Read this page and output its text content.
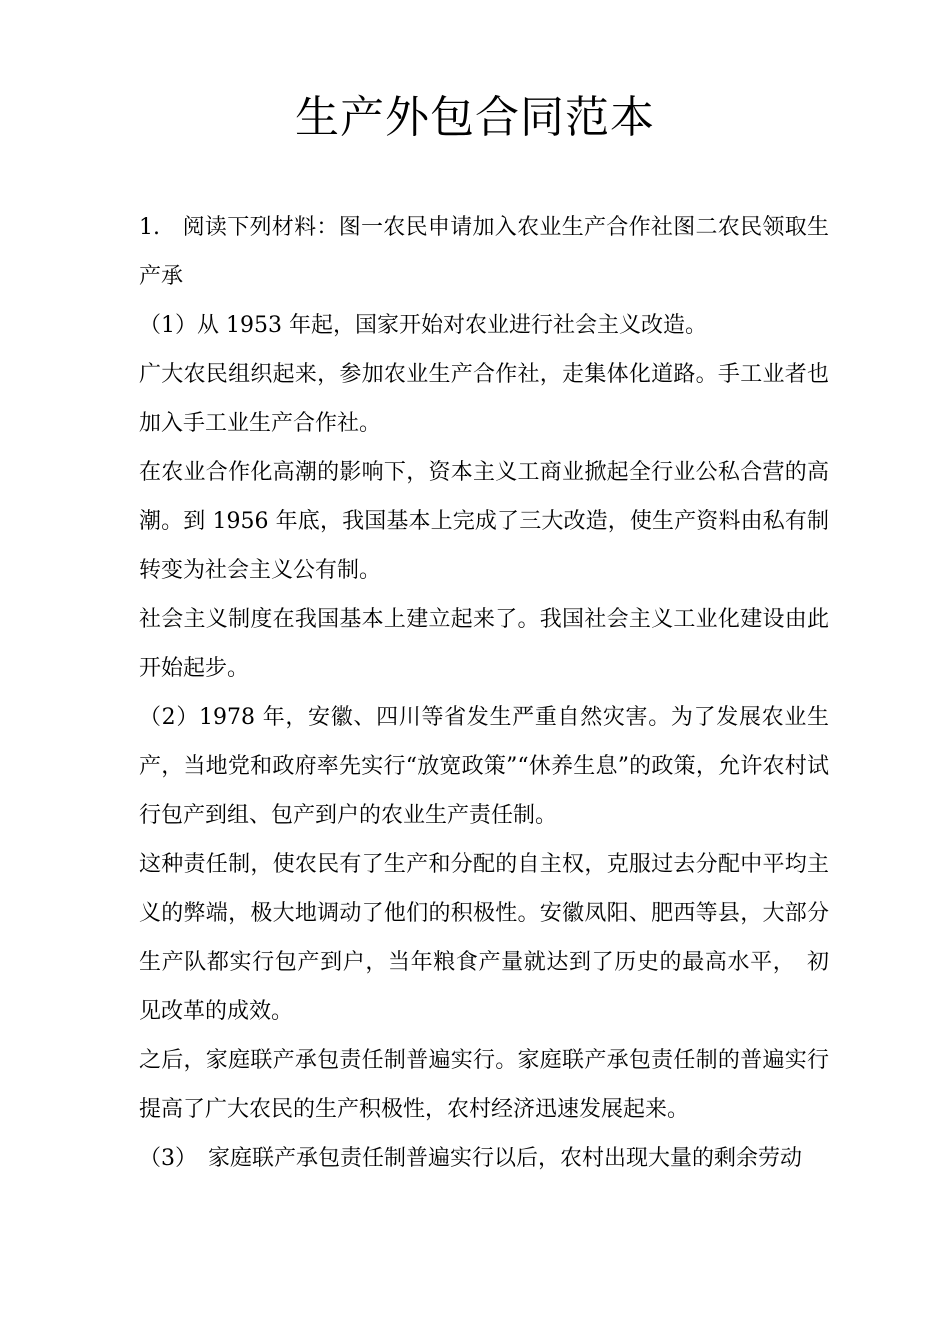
生产外包合同范本

1.　阅读下列材料：图一农民申请加入农业生产合作社图二农民领取生产承

（1）从 1953 年起，国家开始对农业进行社会主义改造。

广大农民组织起来，参加农业生产合作社，走集体化道路。手工业者也加入手工业生产合作社。

在农业合作化高潮的影响下，资本主义工商业掀起全行业公私合营的高潮。到 1956 年底，我国基本上完成了三大改造，使生产资料由私有制转变为社会主义公有制。

社会主义制度在我国基本上建立起来了。我国社会主义工业化建设由此开始起步。

（2）1978 年，安徽、四川等省发生严重自然灾害。为了发展农业生产，当地党和政府率先实行“放宽政策”“休养生息”的政策，允许农村试行包产到组、包产到户的农业生产责任制。

这种责任制，使农民有了生产和分配的自主权，克服过去分配中平均主义的弊端，极大地调动了他们的积极性。安徽凤阳、肥西等县，大部分生产队都实行包产到户，当年粮食产量就达到了历史的最高水平，　初见改革的成效。

之后，家庭联产承包责任制普遍实行。家庭联产承包责任制的普遍实行提高了广大农民的生产积极性，农村经济迅速发展起来。

（3）　家庭联产承包责任制普遍实行以后，农村出现大量的剩余劳动
